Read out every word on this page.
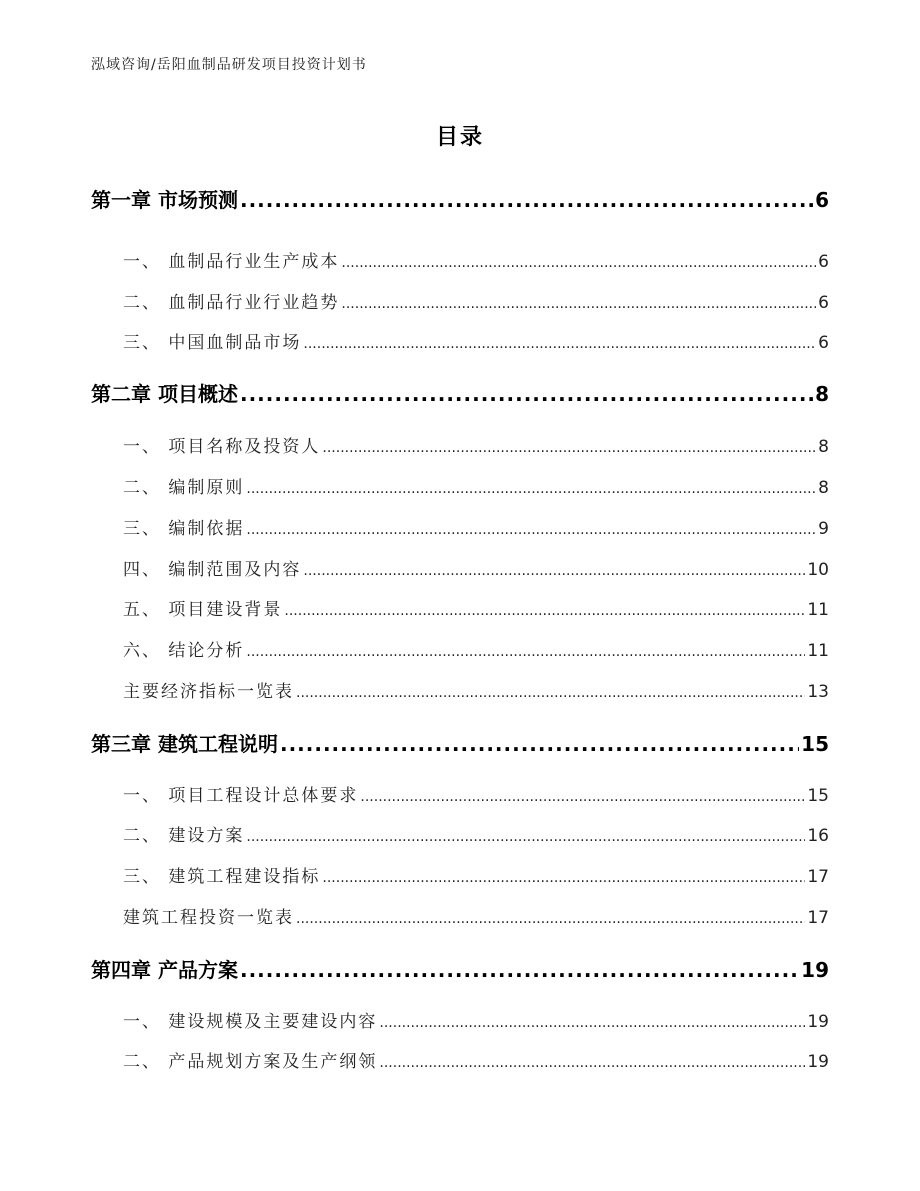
泓域咨询/岳阳血制品研发项目投资计划书
目录
第一章 市场预测 .....	6
一、 血制品行业生产成本 .....	6
二、 血制品行业行业趋势 .....	6
三、 中国血制品市场 .....	6
第二章 项目概述 .....	8
一、 项目名称及投资人 .....	8
二、 编制原则 .....	8
三、 编制依据 .....	9
四、 编制范围及内容 .....	10
五、 项目建设背景 .....	11
六、 结论分析 .....	11
主要经济指标一览表 .....	13
第三章 建筑工程说明 .....	15
一、 项目工程设计总体要求 .....	15
二、 建设方案 .....	16
三、 建筑工程建设指标 .....	17
建筑工程投资一览表 .....	17
第四章 产品方案 .....	19
一、 建设规模及主要建设内容 .....	19
二、 产品规划方案及生产纲领 .....	19
